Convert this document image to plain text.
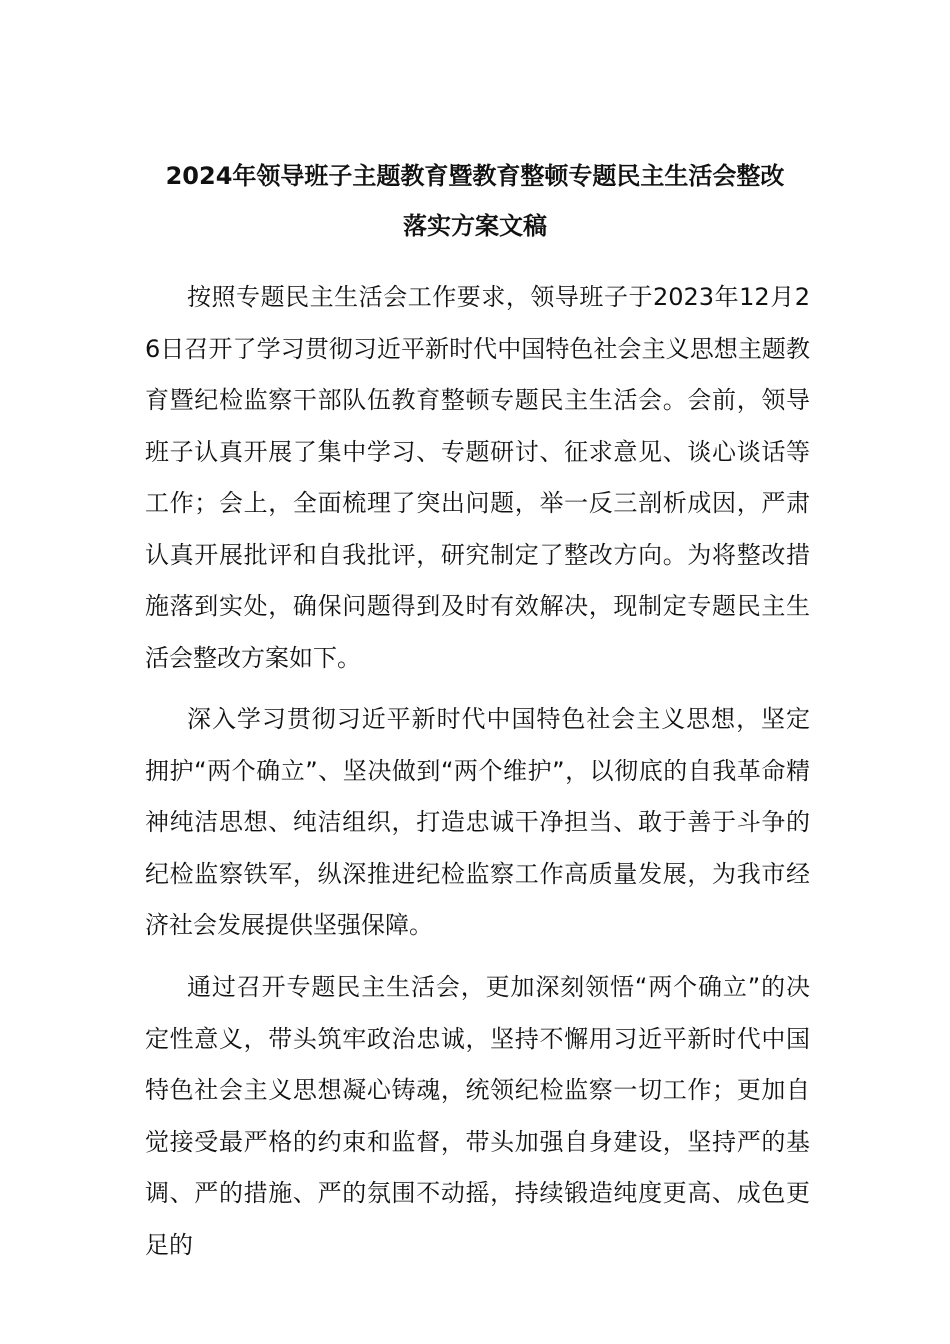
2024年领导班子主题教育暨教育整顿专题民主生活会整改
落实方案文稿

按照专题民主生活会工作要求，领导班子于2023年12月26日召开了学习贯彻习近平新时代中国特色社会主义思想主题教育暨纪检监察干部队伍教育整顿专题民主生活会。会前，领导班子认真开展了集中学习、专题研讨、征求意见、谈心谈话等工作；会上，全面梳理了突出问题，举一反三剖析成因，严肃认真开展批评和自我批评，研究制定了整改方向。为将整改措施落到实处，确保问题得到及时有效解决，现制定专题民主生活会整改方案如下。

深入学习贯彻习近平新时代中国特色社会主义思想，坚定拥护“两个确立”、坚决做到“两个维护”，以彻底的自我革命精神纯洁思想、纯洁组织，打造忠诚干净担当、敢于善于斗争的纪检监察铁军，纵深推进纪检监察工作高质量发展，为我市经济社会发展提供坚强保障。

通过召开专题民主生活会，更加深刻领悟“两个确立”的决定性意义，带头筑牢政治忠诚，坚持不懈用习近平新时代中国特色社会主义思想凝心铸魂，统领纪检监察一切工作；更加自觉接受最严格的约束和监督，带头加强自身建设，坚持严的基调、严的措施、严的氛围不动摇，持续锻造纯度更高、成色更足的
